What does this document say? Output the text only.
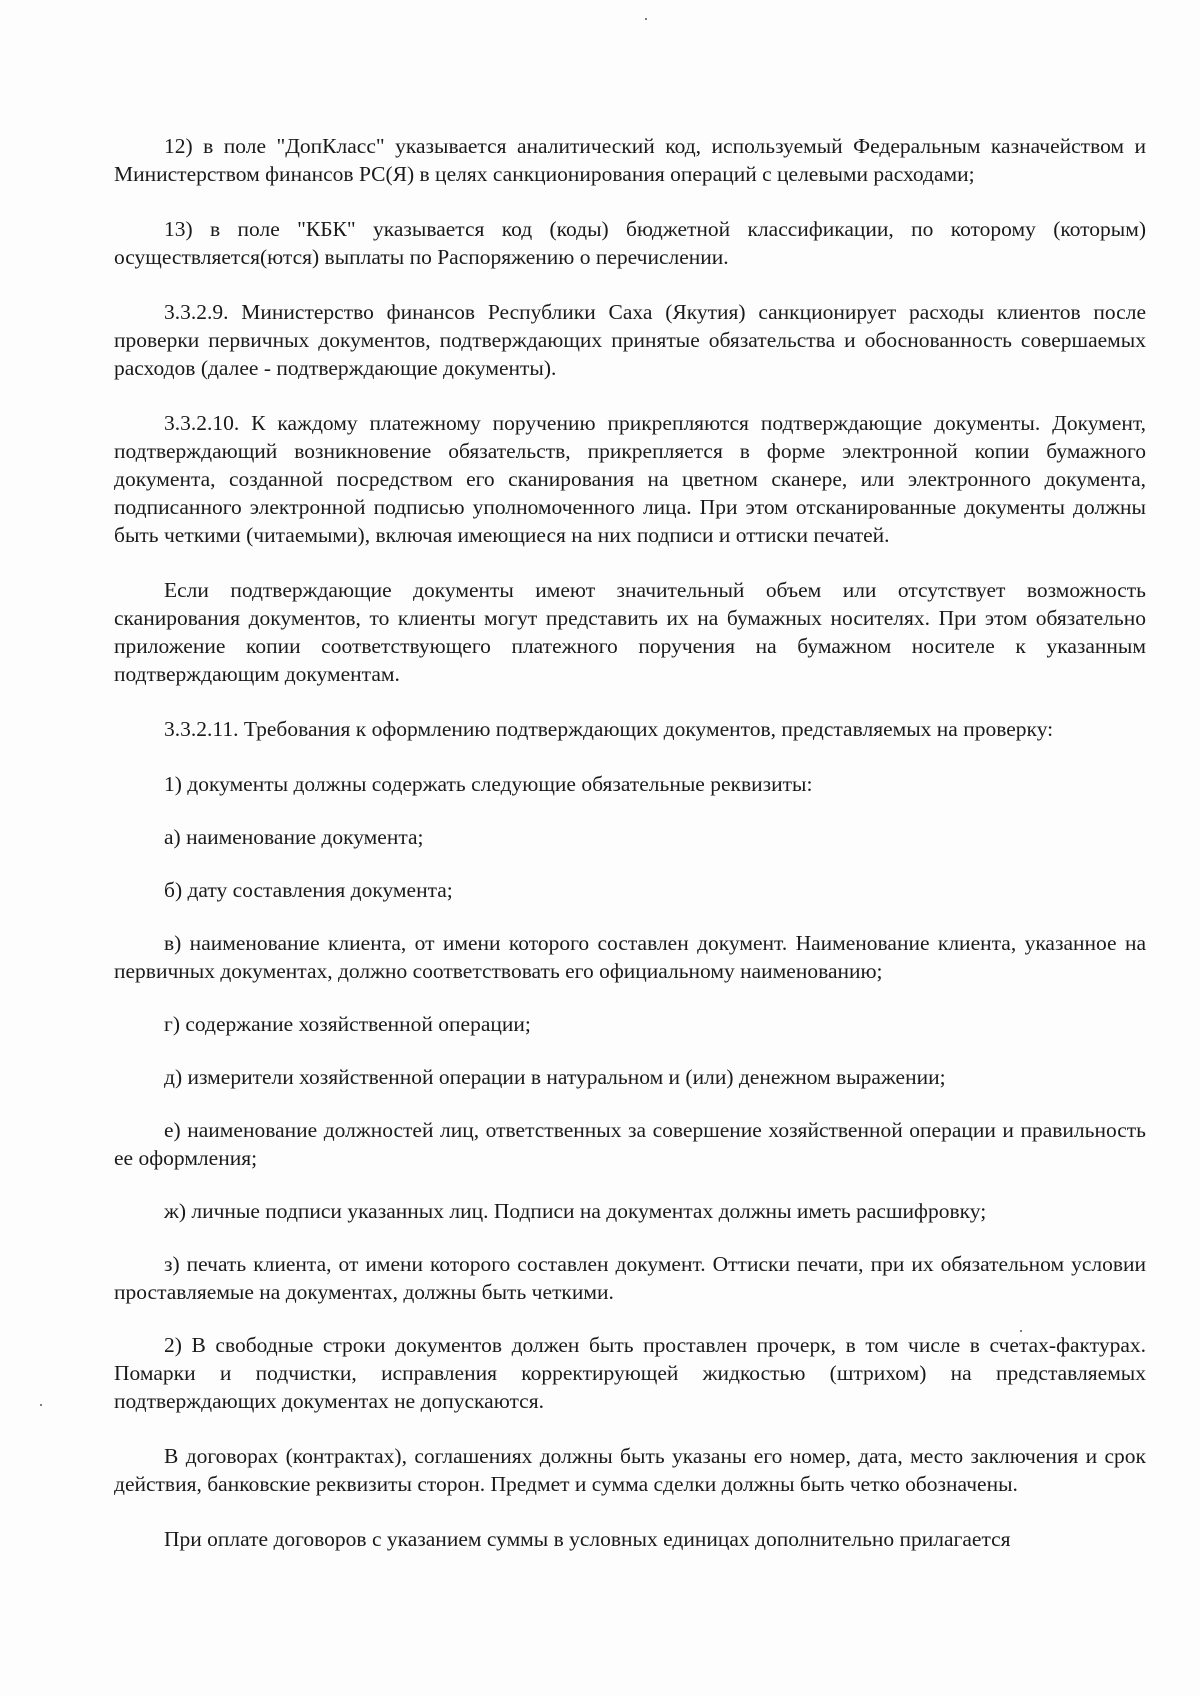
12) в поле "ДопКласс" указывается аналитический код, используемый Федеральным казначейством и Министерством финансов РС(Я) в целях санкционирования операций с целевыми расходами;

13) в поле "КБК" указывается код (коды) бюджетной классификации, по которому (которым) осуществляется(ются) выплаты по Распоряжению о перечислении.

3.3.2.9. Министерство финансов Республики Саха (Якутия) санкционирует расходы клиентов после проверки первичных документов, подтверждающих принятые обязательства и обоснованность совершаемых расходов (далее - подтверждающие документы).

3.3.2.10. К каждому платежному поручению прикрепляются подтверждающие документы. Документ, подтверждающий возникновение обязательств, прикрепляется в форме электронной копии бумажного документа, созданной посредством его сканирования на цветном сканере, или электронного документа, подписанного электронной подписью уполномоченного лица. При этом отсканированные документы должны быть четкими (читаемыми), включая имеющиеся на них подписи и оттиски печатей.

Если подтверждающие документы имеют значительный объем или отсутствует возможность сканирования документов, то клиенты могут представить их на бумажных носителях. При этом обязательно приложение копии соответствующего платежного поручения на бумажном носителе к указанным подтверждающим документам.

3.3.2.11. Требования к оформлению подтверждающих документов, представляемых на проверку:

1) документы должны содержать следующие обязательные реквизиты:

а) наименование документа;

б) дату составления документа;

в) наименование клиента, от имени которого составлен документ. Наименование клиента, указанное на первичных документах, должно соответствовать его официальному наименованию;

г) содержание хозяйственной операции;

д) измерители хозяйственной операции в натуральном и (или) денежном выражении;

е) наименование должностей лиц, ответственных за совершение хозяйственной операции и правильность ее оформления;

ж) личные подписи указанных лиц. Подписи на документах должны иметь расшифровку;

з) печать клиента, от имени которого составлен документ. Оттиски печати, при их обязательном условии проставляемые на документах, должны быть четкими.

2) В свободные строки документов должен быть проставлен прочерк, в том числе в счетах-фактурах. Помарки и подчистки, исправления корректирующей жидкостью (штрихом) на представляемых подтверждающих документах не допускаются.

В договорах (контрактах), соглашениях должны быть указаны его номер, дата, место заключения и срок действия, банковские реквизиты сторон. Предмет и сумма сделки должны быть четко обозначены.

При оплате договоров с указанием суммы в условных единицах дополнительно прилагается
